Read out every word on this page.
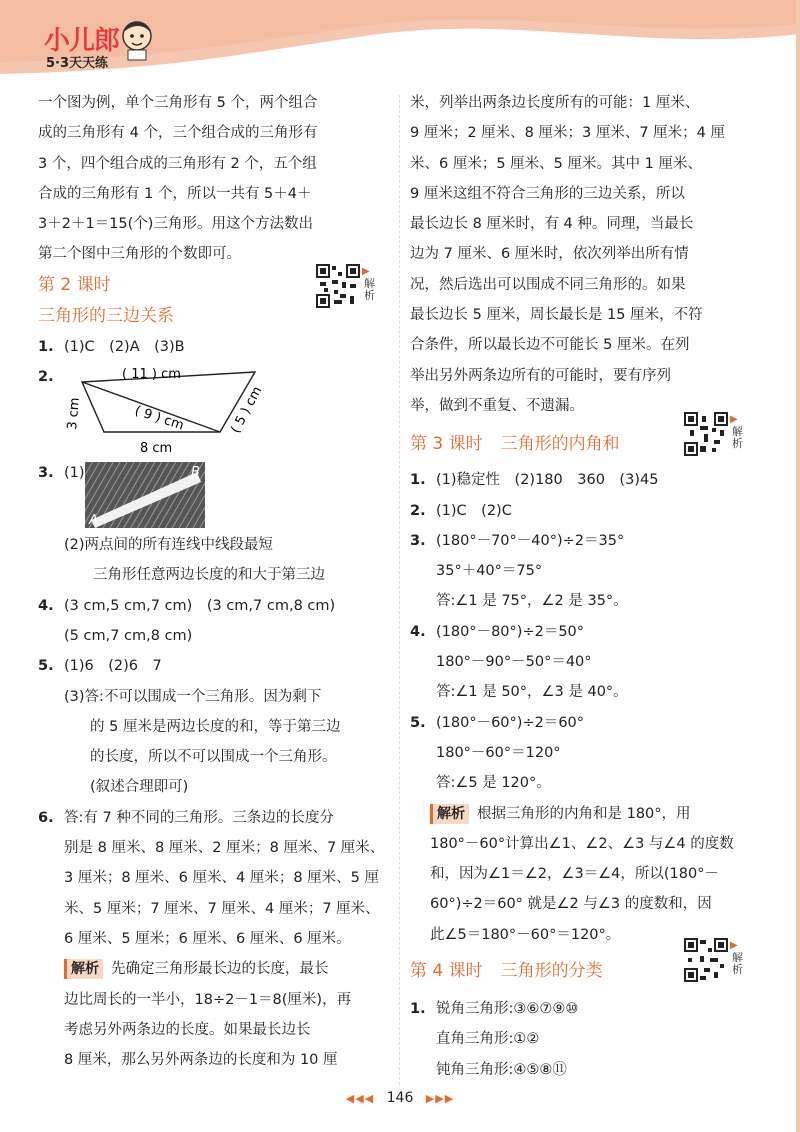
小儿郎
5·3天天练

一个图为例，单个三角形有 5 个，两个组合

成的三角形有 4 个，三个组合成的三角形有

3 个，四个组合成的三角形有 2 个，五个组

合成的三角形有 1 个，所以一共有 5＋4＋

3＋2＋1＝15(个)三角形。用这个方法数出

第二个图中三角形的个数即可。

第 2 课时
三角形的三边关系
1. (1)C　(2)A　(3)B
2.	( 11 ) cm
( 9 ) cm	( 5 ) cm
3 cm
8 cm
3. (1)
A
B

(2)两点间的所有连线中线段最短

三角形任意两边长度的和大于第三边

4. (3 cm,5 cm,7 cm)　(3 cm,7 cm,8 cm)

(5 cm,7 cm,8 cm)

5. (1)6　(2)6　7

(3)答:不可以围成一个三角形。因为剩下

的 5 厘米是两边长度的和，等于第三边

的长度，所以不可以围成一个三角形。

(叙述合理即可)

6. 答:有 7 种不同的三角形。三条边的长度分

别是 8 厘米、8 厘米、2 厘米；8 厘米、7 厘米、

3 厘米；8 厘米、6 厘米、4 厘米；8 厘米、5 厘

米、5 厘米；7 厘米、7 厘米、4 厘米；7 厘米、

6 厘米、5 厘米；6 厘米、6 厘米、6 厘米。

解析 先确定三角形最长边的长度，最长

边比周长的一半小，18÷2－1＝8(厘米)，再

考虑另外两条边的长度。如果最长边长

8 厘米，那么另外两条边的长度和为 10 厘

▶
解析
▶
解析
▶
解析

米，列举出两条边长度所有的可能：1 厘米、

9 厘米；2 厘米、8 厘米；3 厘米、7 厘米；4 厘

米、6 厘米；5 厘米、5 厘米。其中 1 厘米、

9 厘米这组不符合三角形的三边关系，所以

最长边长 8 厘米时，有 4 种。同理，当最长

边为 7 厘米、6 厘米时，依次列举出所有情

况，然后选出可以围成不同三角形的。如果

最长边长 5 厘米，周长最长是 15 厘米，不符

合条件，所以最长边不可能长 5 厘米。在列

举出另外两条边所有的可能时，要有序列

举，做到不重复、不遗漏。

第 3 课时 三角形的内角和
1. (1)稳定性　(2)180　360　(3)45
2. (1)C　(2)C
3. (180°－70°－40°)÷2＝35°

35°＋40°＝75°

答:∠1 是 75°，∠2 是 35°。

4. (180°－80°)÷2＝50°

180°－90°－50°＝40°

答:∠1 是 50°，∠3 是 40°。

5. (180°－60°)÷2＝60°

180°－60°＝120°

答:∠5 是 120°。

解析 根据三角形的内角和是 180°，用

180°－60°计算出∠1、∠2、∠3 与∠4 的度数

和，因为∠1＝∠2，∠3＝∠4，所以(180°－

60°)÷2＝60° 就是∠2 与∠3 的度数和，因

此∠5＝180°－60°＝120°。

第 4 课时 三角形的分类
1. 锐角三角形:③⑥⑦⑨⑩

直角三角形:①②

钝角三角形:④⑤⑧⑪

◀◀◀ 146 ▶▶▶
